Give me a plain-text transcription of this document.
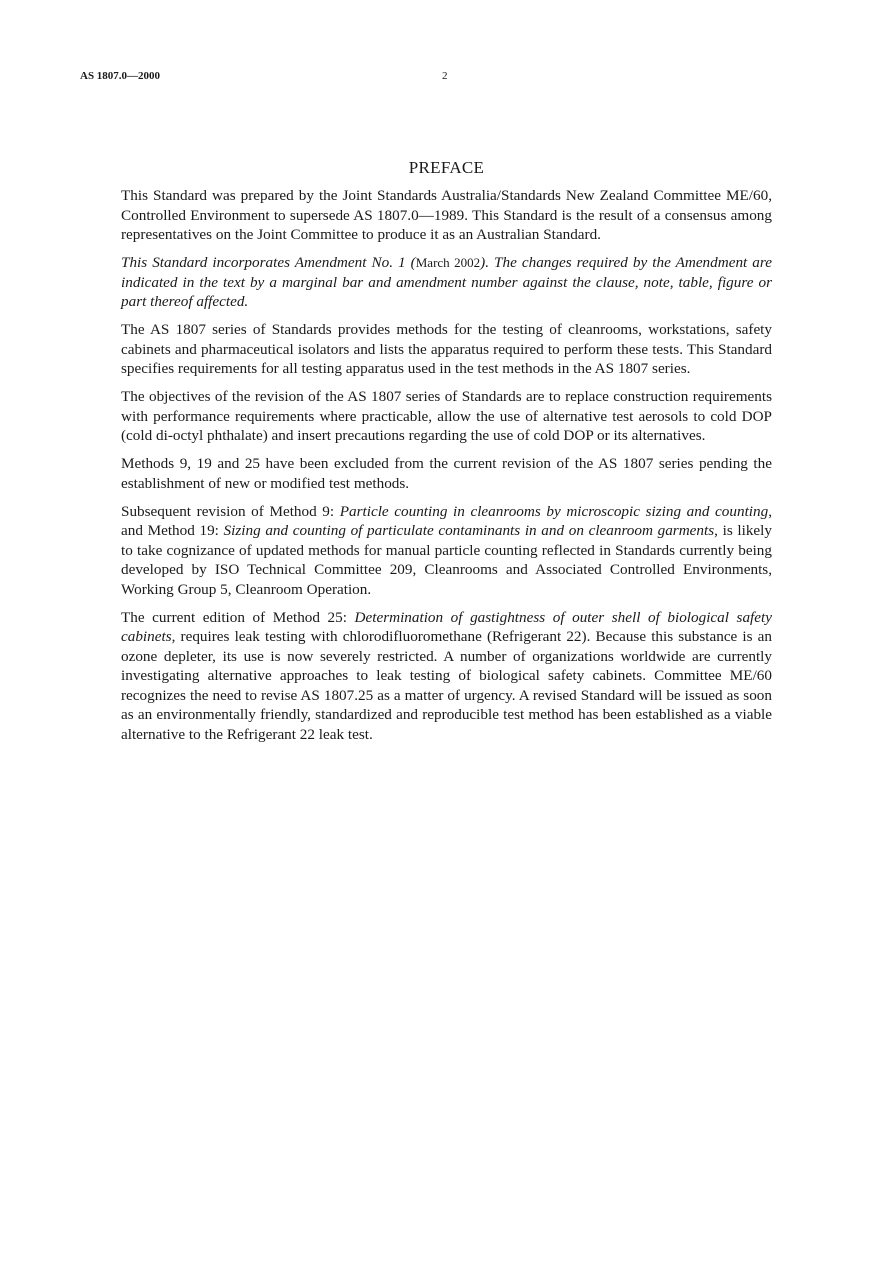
AS 1807.0—2000	2
PREFACE

This Standard was prepared by the Joint Standards Australia/Standards New Zealand Committee ME/60, Controlled Environment to supersede AS 1807.0—1989. This Standard is the result of a consensus among representatives on the Joint Committee to produce it as an Australian Standard.

This Standard incorporates Amendment No. 1 (March 2002). The changes required by the Amendment are indicated in the text by a marginal bar and amendment number against the clause, note, table, figure or part thereof affected.

The AS 1807 series of Standards provides methods for the testing of cleanrooms, workstations, safety cabinets and pharmaceutical isolators and lists the apparatus required to perform these tests. This Standard specifies requirements for all testing apparatus used in the test methods in the AS 1807 series.

The objectives of the revision of the AS 1807 series of Standards are to replace construction requirements with performance requirements where practicable, allow the use of alternative test aerosols to cold DOP (cold di-octyl phthalate) and insert precautions regarding the use of cold DOP or its alternatives.

Methods 9, 19 and 25 have been excluded from the current revision of the AS 1807 series pending the establishment of new or modified test methods.

Subsequent revision of Method 9: Particle counting in cleanrooms by microscopic sizing and counting, and Method 19: Sizing and counting of particulate contaminants in and on cleanroom garments, is likely to take cognizance of updated methods for manual particle counting reflected in Standards currently being developed by ISO Technical Committee 209, Cleanrooms and Associated Controlled Environments, Working Group 5, Cleanroom Operation.

The current edition of Method 25: Determination of gastightness of outer shell of biological safety cabinets, requires leak testing with chlorodifluoromethane (Refrigerant 22). Because this substance is an ozone depleter, its use is now severely restricted. A number of organizations worldwide are currently investigating alternative approaches to leak testing of biological safety cabinets. Committee ME/60 recognizes the need to revise AS 1807.25 as a matter of urgency. A revised Standard will be issued as soon as an environmentally friendly, standardized and reproducible test method has been established as a viable alternative to the Refrigerant 22 leak test.
